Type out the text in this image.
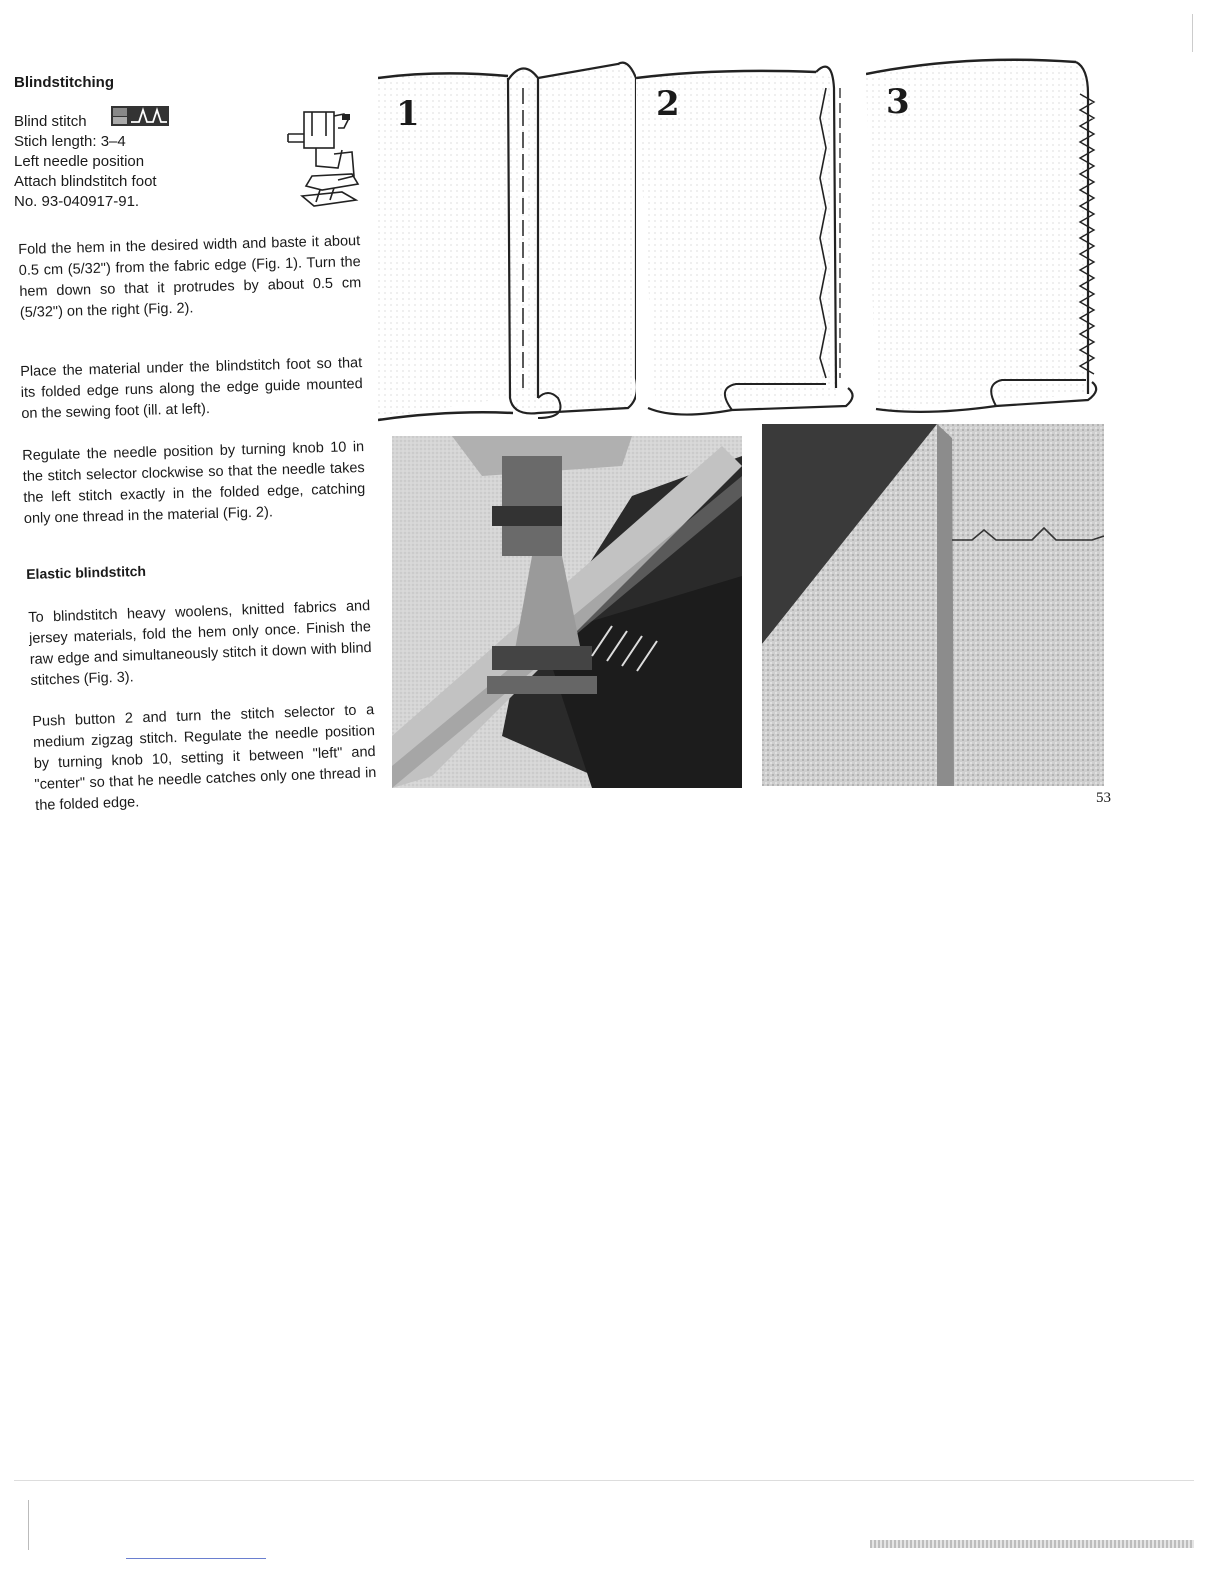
Blindstitching
Blind stitch
Stich length: 3–4
Left needle position
Attach blindstitch foot
No. 93-040917-91.
Fold the hem in the desired width and baste it about 0.5 cm (5/32") from the fabric edge (Fig. 1). Turn the hem down so that it protrudes by about 0.5 cm (5/32") on the right (Fig. 2).
Place the material under the blindstitch foot so that its folded edge runs along the edge guide mounted on the sewing foot (ill. at left).
Regulate the needle position by turning knob 10 in the stitch selector clockwise so that the needle takes the left stitch exactly in the folded edge, catching only one thread in the material (Fig. 2).
Elastic blindstitch
To blindstitch heavy woolens, knitted fabrics and jersey materials, fold the hem only once. Finish the raw edge and simultaneously stitch it down with blind stitches (Fig. 3).
Push button 2 and turn the stitch selector to a medium zigzag stitch. Regulate the needle position by turning knob 10, setting it between "left" and "center" so that he needle catches only one thread in the folded edge.
1	2	3
53
